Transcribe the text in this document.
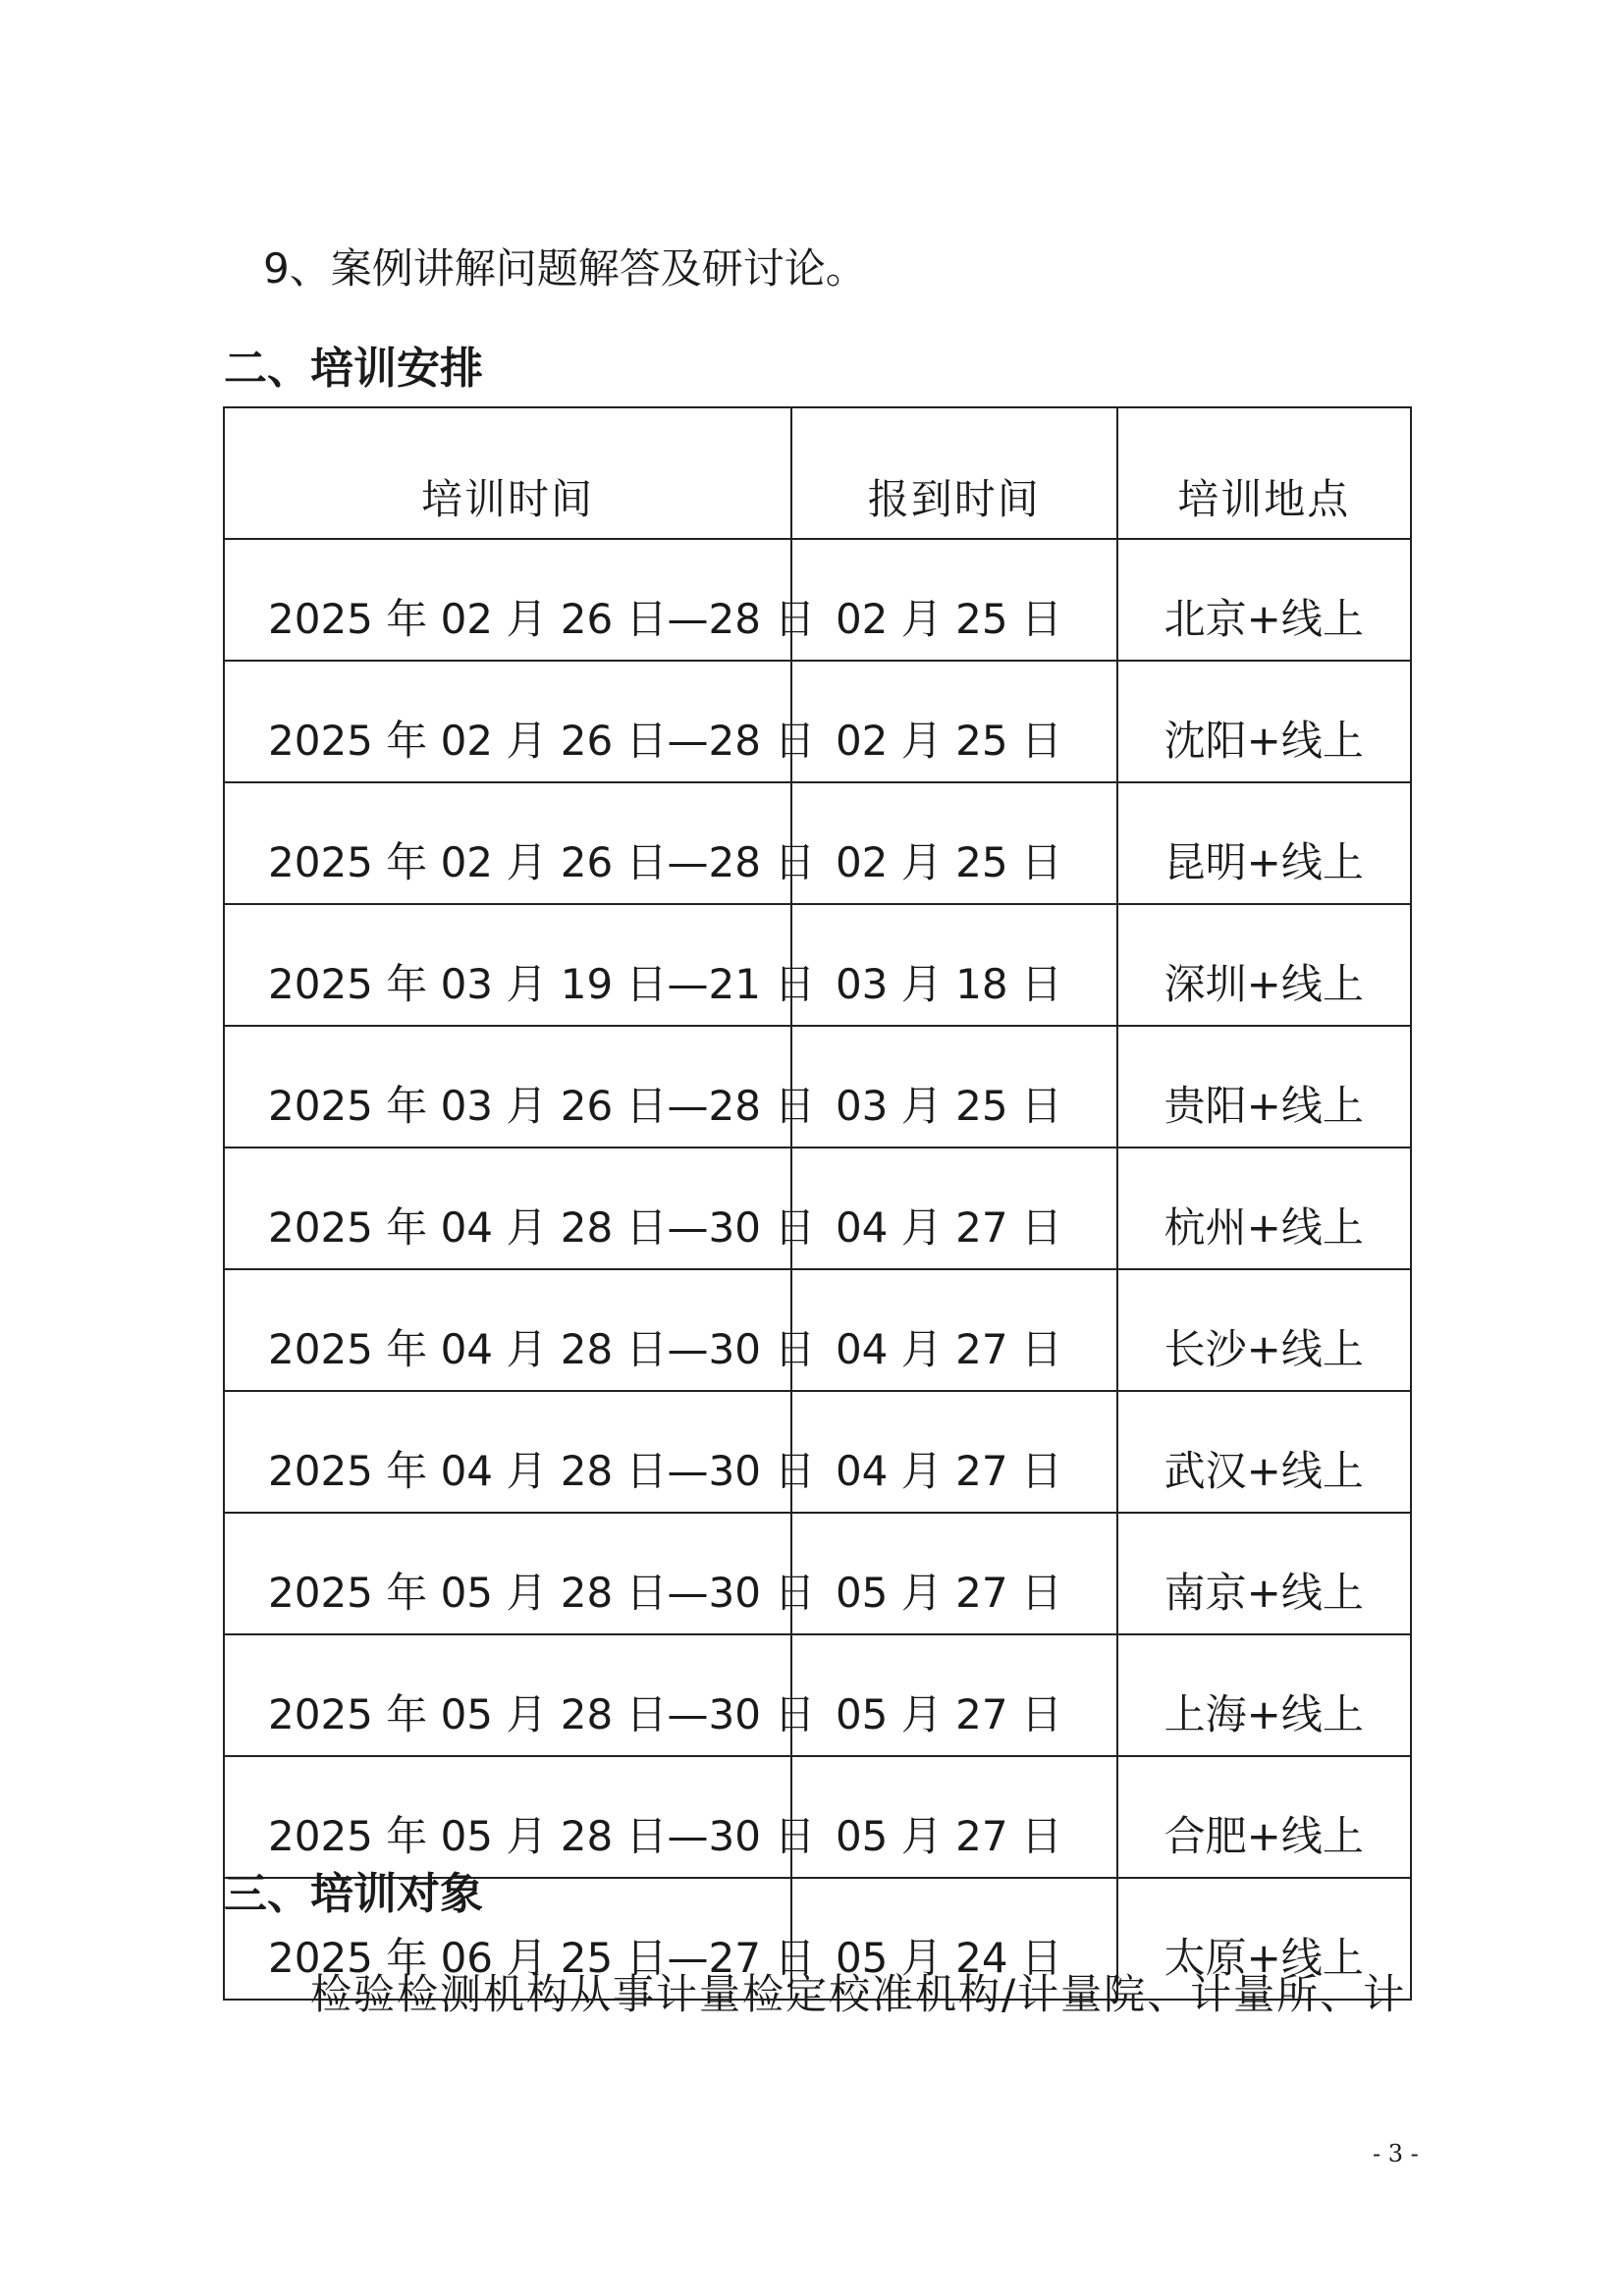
9、案例讲解问题解答及研讨论。
二、培训安排
培训时间	报到时间	培训地点
2025 年 02 月 26 日—28 日	02 月 25 日	北京+线上
2025 年 02 月 26 日—28 日	02 月 25 日	沈阳+线上
2025 年 02 月 26 日—28 日	02 月 25 日	昆明+线上
2025 年 03 月 19 日—21 日	03 月 18 日	深圳+线上
2025 年 03 月 26 日—28 日	03 月 25 日	贵阳+线上
2025 年 04 月 28 日—30 日	04 月 27 日	杭州+线上
2025 年 04 月 28 日—30 日	04 月 27 日	长沙+线上
2025 年 04 月 28 日—30 日	04 月 27 日	武汉+线上
2025 年 05 月 28 日—30 日	05 月 27 日	南京+线上
2025 年 05 月 28 日—30 日	05 月 27 日	上海+线上
2025 年 05 月 28 日—30 日	05 月 27 日	合肥+线上
2025 年 06 月 25 日—27 日	05 月 24 日	太原+线上
三、培训对象
检验检测机构从事计量检定校准机构/计量院、计量所、计
- 3 -
